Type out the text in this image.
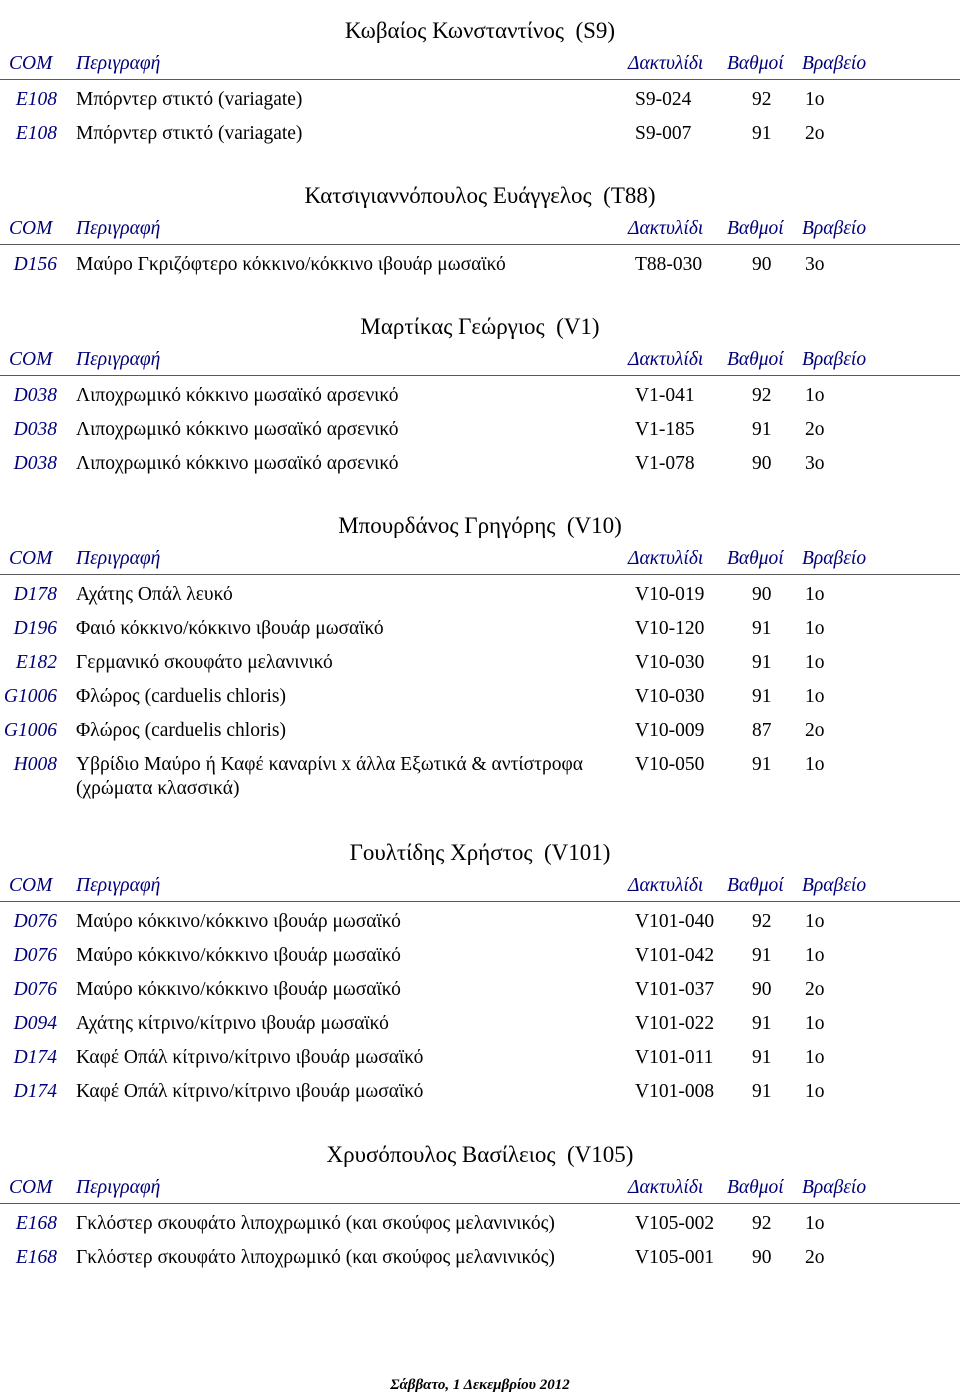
Κωβαίος Κωνσταντίνος (S9)
COM Περιγραφή	Δακτυλίδι Βαθμοί Βραβείο
E108 Μπόρντερ στικτό (variagate)	S9-024	92 1ο
E108 Μπόρντερ στικτό (variagate)	S9-007	91 2ο
Κατσιγιαννόπουλος Ευάγγελος (T88)
COM Περιγραφή	Δακτυλίδι Βαθμοί Βραβείο
D156 Μαύρο Γκριζόφτερο κόκκινο/κόκκινο ιβουάρ μωσαϊκό	T88-030	90 3ο
Μαρτίκας Γεώργιος (V1)
COM Περιγραφή	Δακτυλίδι Βαθμοί Βραβείο
D038 Λιποχρωμικό κόκκινο μωσαϊκό αρσενικό	V1-041	92 1ο
D038 Λιποχρωμικό κόκκινο μωσαϊκό αρσενικό	V1-185	91 2ο
D038 Λιποχρωμικό κόκκινο μωσαϊκό αρσενικό	V1-078	90 3ο
Μπουρδάνος Γρηγόρης (V10)
COM Περιγραφή	Δακτυλίδι Βαθμοί Βραβείο
D178 Αχάτης Οπάλ λευκό	V10-019 90 1ο
D196 Φαιό κόκκινο/κόκκινο ιβουάρ μωσαϊκό	V10-120 91 1ο
E182 Γερμανικό σκουφάτο μελανινικό	V10-030 91 1ο
G1006 Φλώρος (carduelis chloris)	V10-030 91 1ο
G1006 Φλώρος (carduelis chloris)	V10-009 87 2ο
H008 Υβρίδιο Μαύρο ή Καφέ καναρίνι x άλλα Εξωτικά & αντίστροφα (χρώματα κλασσικά)
V10-050 91 1ο
Γουλτίδης Χρήστος (V101)
COM Περιγραφή	Δακτυλίδι Βαθμοί Βραβείο
D076 Μαύρο κόκκινο/κόκκινο ιβουάρ μωσαϊκό	V101-040 92 1ο
D076 Μαύρο κόκκινο/κόκκινο ιβουάρ μωσαϊκό	V101-042 91 1ο
D076 Μαύρο κόκκινο/κόκκινο ιβουάρ μωσαϊκό	V101-037 90 2ο
D094 Αχάτης κίτρινο/κίτρινο ιβουάρ μωσαϊκό	V101-022 91 1ο
D174 Καφέ Οπάλ κίτρινο/κίτρινο ιβουάρ μωσαϊκό	V101-011 91 1ο
D174 Καφέ Οπάλ κίτρινο/κίτρινο ιβουάρ μωσαϊκό	V101-008 91 1ο
Χρυσόπουλος Βασίλειος (V105)
COM Περιγραφή	Δακτυλίδι Βαθμοί Βραβείο
E168 Γκλόστερ σκουφάτο λιποχρωμικό (και σκούφος μελανινικός)	V105-002 92 1ο
E168 Γκλόστερ σκουφάτο λιποχρωμικό (και σκούφος μελανινικός)	V105-001 90 2ο
Σάββατο, 1 Δεκεμβρίου 2012
